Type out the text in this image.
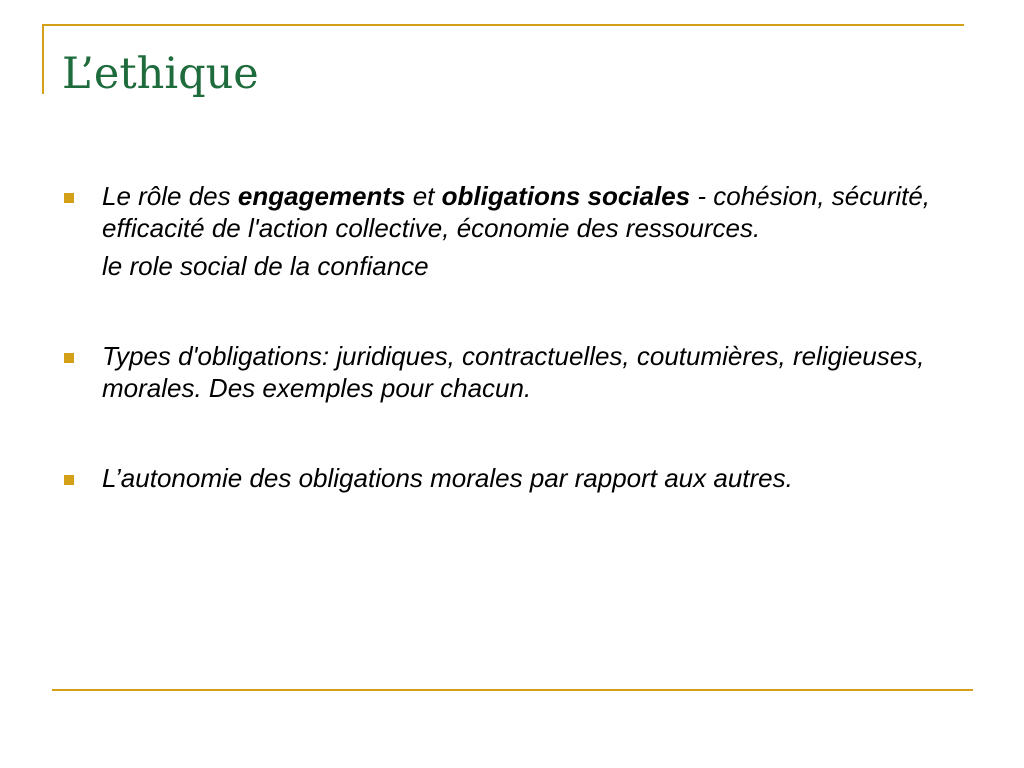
L’ethique

Le rôle des engagements et obligations sociales - cohésion, sécurité, efficacité de l'action collective, économie des ressources.

le role social de la confiance

Types d'obligations: juridiques, contractuelles, coutumières, religieuses, morales. Des exemples pour chacun.

L’autonomie des obligations morales par rapport aux autres.
